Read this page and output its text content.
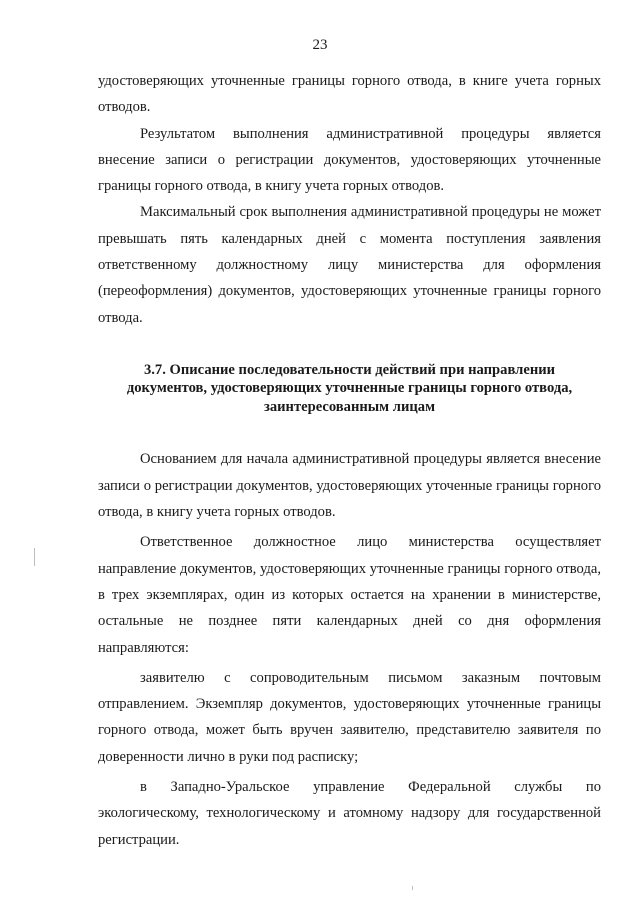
23

удостоверяющих уточненные границы горного отвода, в книге учета горных отводов.

Результатом выполнения административной процедуры является внесение записи о регистрации документов, удостоверяющих уточненные границы горного отвода, в книгу учета горных отводов.

Максимальный срок выполнения административной процедуры не может превышать пять календарных дней с момента поступления заявления ответственному должностному лицу министерства для оформления (переоформления) документов, удостоверяющих уточненные границы горного отвода.

3.7. Описание последовательности действий при направлении
документов, удостоверяющих уточненные границы горного отвода,
заинтересованным лицам

Основанием для начала административной процедуры является внесение записи о регистрации документов, удостоверяющих уточенные границы горного отвода, в книгу учета горных отводов.

Ответственное должностное лицо министерства осуществляет направление документов, удостоверяющих уточненные границы горного отвода, в трех экземплярах, один из которых остается на хранении в министерстве, остальные не позднее пяти календарных дней со дня оформления направляются:

заявителю с сопроводительным письмом заказным почтовым отправлением. Экземпляр документов, удостоверяющих уточненные границы горного отвода, может быть вручен заявителю, представителю заявителя по доверенности лично в руки под расписку;

в Западно-Уральское управление Федеральной службы по экологическому, технологическому и атомному надзору для государственной регистрации.
